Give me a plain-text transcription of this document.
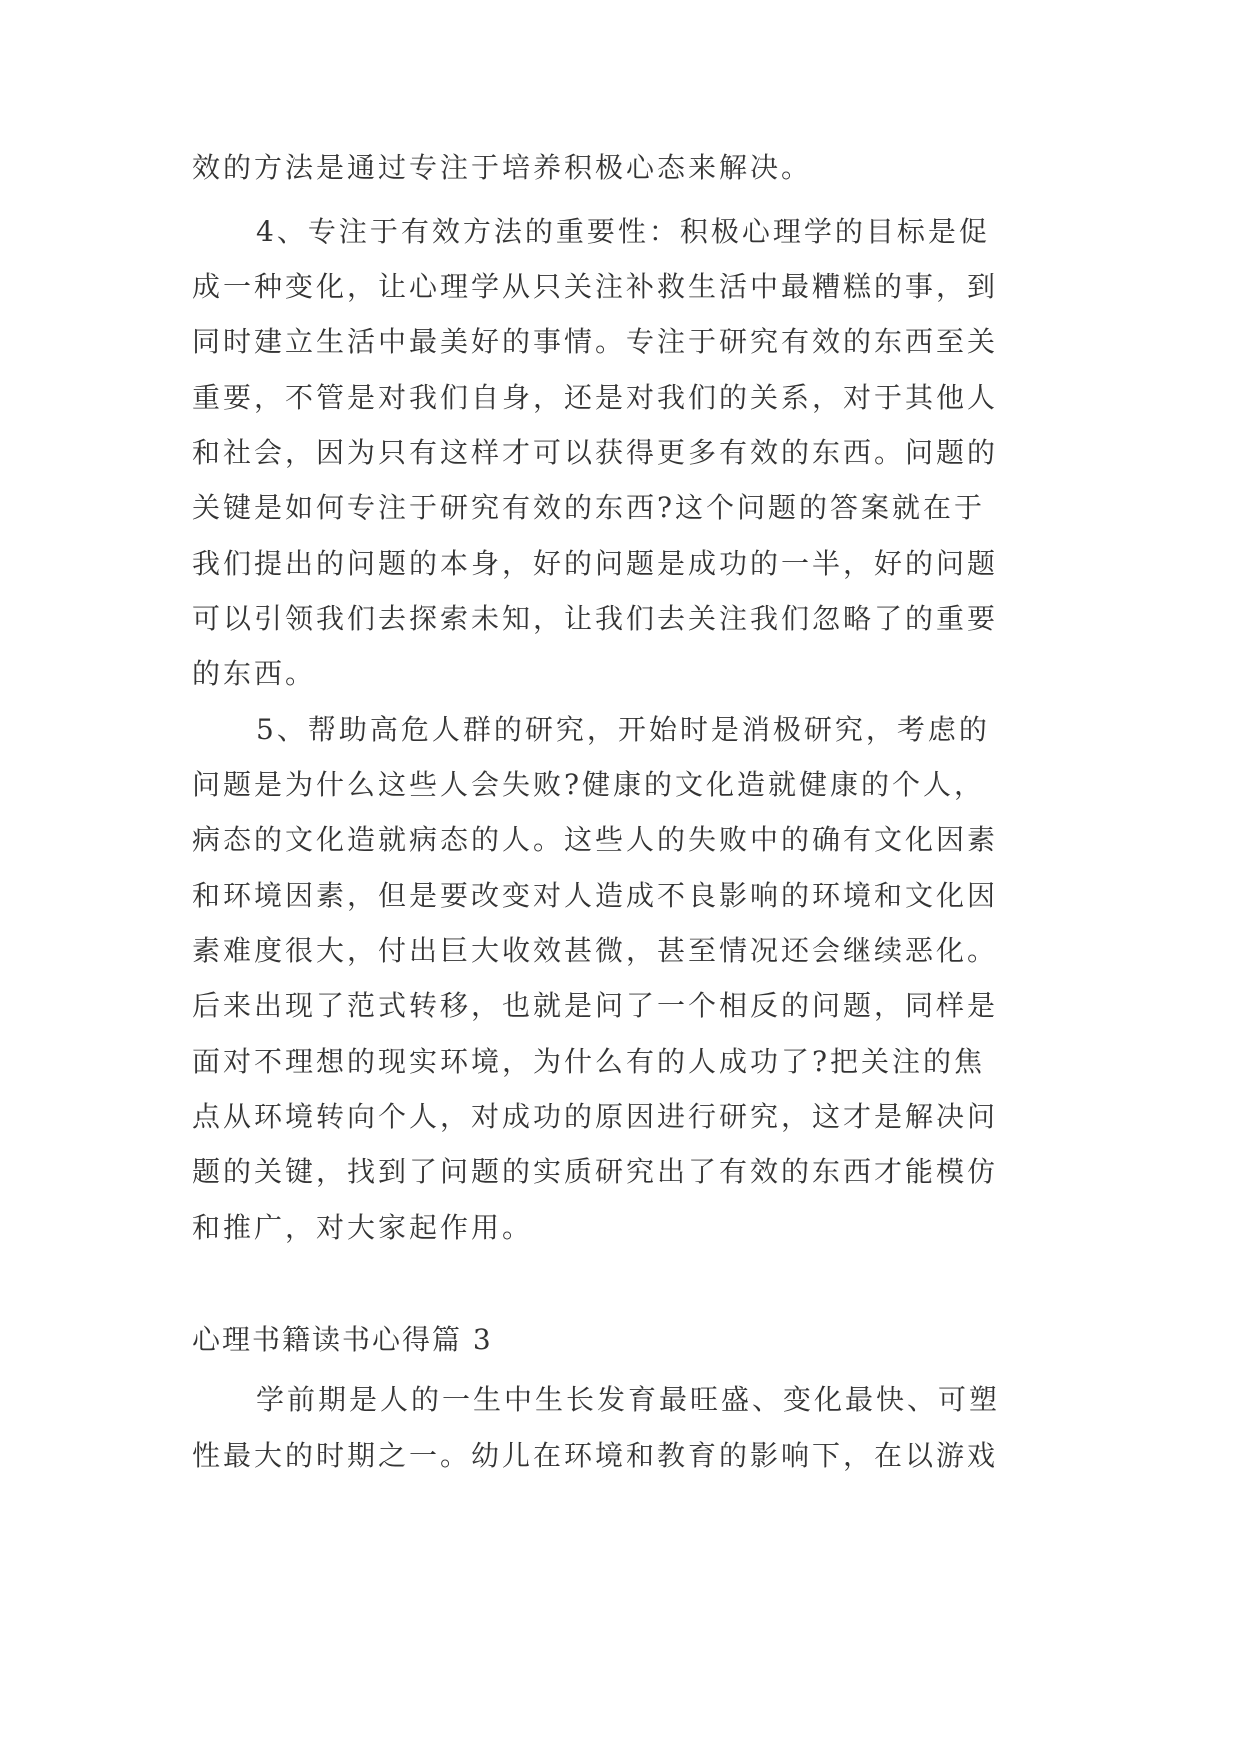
效的方法是通过专注于培养积极心态来解决。
4、专注于有效方法的重要性：积极心理学的目标是促
成一种变化，让心理学从只关注补救生活中最糟糕的事，到
同时建立生活中最美好的事情。专注于研究有效的东西至关
重要，不管是对我们自身，还是对我们的关系，对于其他人
和社会，因为只有这样才可以获得更多有效的东西。问题的
关键是如何专注于研究有效的东西?这个问题的答案就在于
我们提出的问题的本身，好的问题是成功的一半，好的问题
可以引领我们去探索未知，让我们去关注我们忽略了的重要
的东西。
5、帮助高危人群的研究，开始时是消极研究，考虑的
问题是为什么这些人会失败?健康的文化造就健康的个人，
病态的文化造就病态的人。这些人的失败中的确有文化因素
和环境因素，但是要改变对人造成不良影响的环境和文化因
素难度很大，付出巨大收效甚微，甚至情况还会继续恶化。
后来出现了范式转移，也就是问了一个相反的问题，同样是
面对不理想的现实环境，为什么有的人成功了?把关注的焦
点从环境转向个人，对成功的原因进行研究，这才是解决问
题的关键，找到了问题的实质研究出了有效的东西才能模仿
和推广，对大家起作用。
心理书籍读书心得篇 3
学前期是人的一生中生长发育最旺盛、变化最快、可塑
性最大的时期之一。幼儿在环境和教育的影响下，在以游戏
